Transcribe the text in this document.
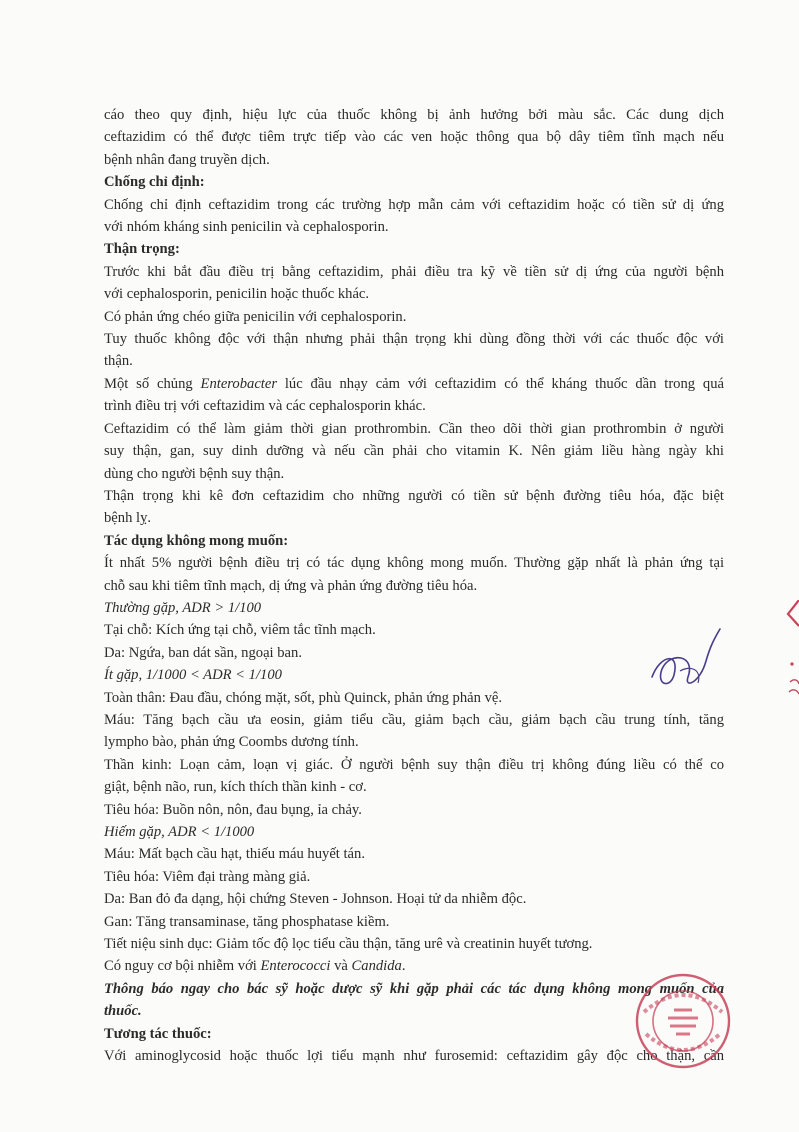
cáo theo quy định, hiệu lực của thuốc không bị ảnh hưởng bởi màu sắc. Các dung dịch

ceftazidim có thể được tiêm trực tiếp vào các ven hoặc thông qua bộ dây tiêm tĩnh mạch nếu

bệnh nhân đang truyền dịch.

Chống chỉ định:

Chống chỉ định ceftazidim trong các trường hợp mẫn cảm với ceftazidim hoặc có tiền sử dị ứng

với nhóm kháng sinh penicilin và cephalosporin.

Thận trọng:

Trước khi bắt đầu điều trị bằng ceftazidim, phải điều tra kỹ về tiền sử dị ứng của người bệnh

với cephalosporin, penicilin hoặc thuốc khác.

Có phản ứng chéo giữa penicilin với cephalosporin.

Tuy thuốc không độc với thận nhưng phải thận trọng khi dùng đồng thời với các thuốc độc với

thận.

Một số chủng Enterobacter lúc đầu nhạy cảm với ceftazidim có thể kháng thuốc dần trong quá

trình điều trị với ceftazidim và các cephalosporin khác.

Ceftazidim có thể làm giảm thời gian prothrombin. Cần theo dõi thời gian prothrombin ở người

suy thận, gan, suy dinh dưỡng và nếu cần phải cho vitamin K. Nên giảm liều hàng ngày khi

dùng cho người bệnh suy thận.

Thận trọng khi kê đơn ceftazidim cho những người có tiền sử bệnh đường tiêu hóa, đặc biệt

bệnh lỵ.

Tác dụng không mong muốn:

Ít nhất 5% người bệnh điều trị có tác dụng không mong muốn. Thường gặp nhất là phản ứng tại

chỗ sau khi tiêm tĩnh mạch, dị ứng và phản ứng đường tiêu hóa.

Thường gặp, ADR > 1/100

Tại chỗ: Kích ứng tại chỗ, viêm tắc tĩnh mạch.

Da: Ngứa, ban dát sần, ngoại ban.

Ít gặp, 1/1000 < ADR < 1/100

Toàn thân: Đau đầu, chóng mặt, sốt, phù Quinck, phản ứng phản vệ.

Máu: Tăng bạch cầu ưa eosin, giảm tiểu cầu, giảm bạch cầu, giảm bạch cầu trung tính, tăng

lympho bào, phản ứng Coombs dương tính.

Thần kinh: Loạn cảm, loạn vị giác. Ở người bệnh suy thận điều trị không đúng liều có thể co

giật, bệnh não, run, kích thích thần kinh - cơ.

Tiêu hóa: Buồn nôn, nôn, đau bụng, ỉa chảy.

Hiếm gặp, ADR < 1/1000

Máu: Mất bạch cầu hạt, thiếu máu huyết tán.

Tiêu hóa: Viêm đại tràng màng giả.

Da: Ban đỏ đa dạng, hội chứng Steven - Johnson. Hoại tử da nhiễm độc.

Gan: Tăng transaminase, tăng phosphatase kiềm.

Tiết niệu sinh dục: Giảm tốc độ lọc tiểu cầu thận, tăng urê và creatinin huyết tương.

Có nguy cơ bội nhiễm với Enterococci và Candida.

Thông báo ngay cho bác sỹ hoặc dược sỹ khi gặp phải các tác dụng không mong muốn của

thuốc.

Tương tác thuốc:

Với aminoglycosid hoặc thuốc lợi tiểu mạnh như furosemid: ceftazidim gây độc cho thận, cần
